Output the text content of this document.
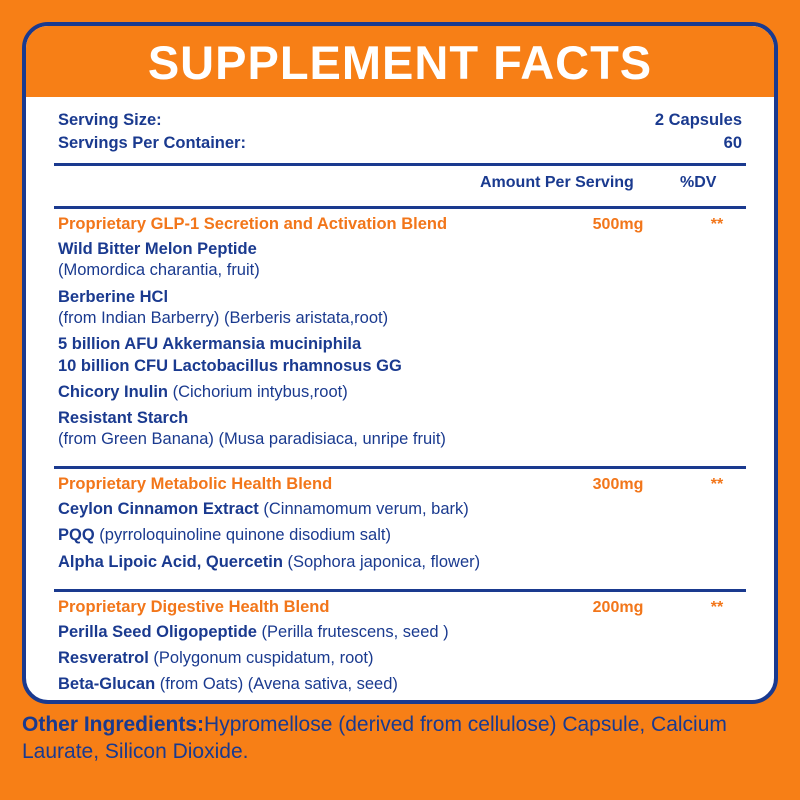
SUPPLEMENT FACTS
Serving Size:	2 Capsules
Servings Per Container:	60
Amount Per Serving	%DV
Proprietary GLP-1 Secretion and Activation Blend	500mg	**
Wild Bitter Melon Peptide
(Momordica charantia, fruit)
Berberine HCl
(from Indian Barberry) (Berberis aristata,root)
5 billion AFU Akkermansia muciniphila
10 billion CFU Lactobacillus rhamnosus GG
Chicory Inulin (Cichorium intybus,root)
Resistant Starch
(from Green Banana) (Musa paradisiaca, unripe fruit)
Proprietary Metabolic Health Blend	300mg	**
Ceylon Cinnamon Extract (Cinnamomum verum, bark)
PQQ (pyrroloquinoline quinone disodium salt)
Alpha Lipoic Acid, Quercetin (Sophora japonica, flower)
Proprietary Digestive Health Blend	200mg	**
Perilla Seed Oligopeptide (Perilla frutescens, seed )
Resveratrol (Polygonum cuspidatum, root)
Beta-Glucan (from Oats) (Avena sativa, seed)
Other Ingredients:Hypromellose (derived from cellulose) Capsule, Calcium Laurate, Silicon Dioxide.
